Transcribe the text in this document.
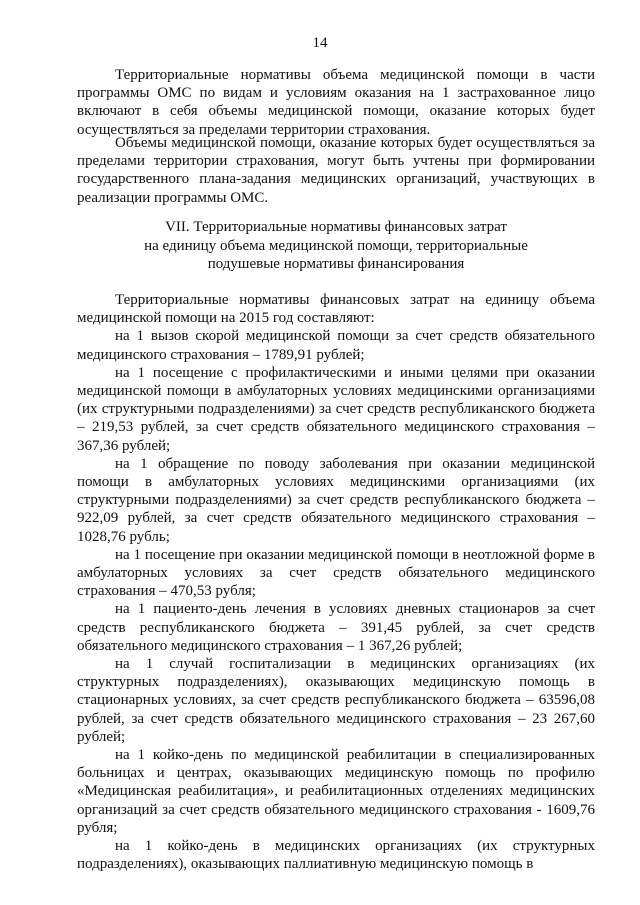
14

Территориальные нормативы объема медицинской помощи в части программы ОМС по видам и условиям оказания на 1 застрахованное лицо включают в себя объемы медицинской помощи, оказание которых будет осуществляться за пределами территории страхования.

Объемы медицинской помощи, оказание которых будет осуществляться за пределами территории страхования, могут быть учтены при формировании государственного плана-задания медицинских организаций, участвующих в реализации программы ОМС.

VII. Территориальные нормативы финансовых затрат
на единицу объема медицинской помощи, территориальные
подушевые нормативы финансирования

Территориальные нормативы финансовых затрат на единицу объема медицинской помощи на 2015 год составляют:

на 1 вызов скорой медицинской помощи за счет средств обязательного медицинского страхования – 1789,91 рублей;

на 1 посещение с профилактическими и иными целями при оказании медицинской помощи в амбулаторных условиях медицинскими организациями (их структурными подразделениями) за счет средств республиканского бюджета – 219,53 рублей, за счет средств обязательного медицинского страхования – 367,36 рублей;

на 1 обращение по поводу заболевания при оказании медицинской помощи в амбулаторных условиях медицинскими организациями (их структурными подразделениями) за счет средств республиканского бюджета – 922,09 рублей, за счет средств обязательного медицинского страхования – 1028,76 рубль;

на 1 посещение при оказании медицинской помощи в неотложной форме в амбулаторных условиях за счет средств обязательного медицинского страхования – 470,53 рубля;

на 1 пациенто-день лечения в условиях дневных стационаров за счет средств республиканского бюджета – 391,45 рублей, за счет средств обязательного медицинского страхования – 1 367,26 рублей;

на 1 случай госпитализации в медицинских организациях (их структурных подразделениях), оказывающих медицинскую помощь в стационарных условиях, за счет средств республиканского бюджета – 63596,08 рублей, за счет средств обязательного медицинского страхования – 23 267,60 рублей;

на 1 койко-день по медицинской реабилитации в специализированных больницах и центрах, оказывающих медицинскую помощь по профилю «Медицинская реабилитация», и реабилитационных отделениях медицинских организаций за счет средств обязательного медицинского страхования - 1609,76 рубля;

на 1 койко-день в медицинских организациях (их структурных подразделениях), оказывающих паллиативную медицинскую помощь в
